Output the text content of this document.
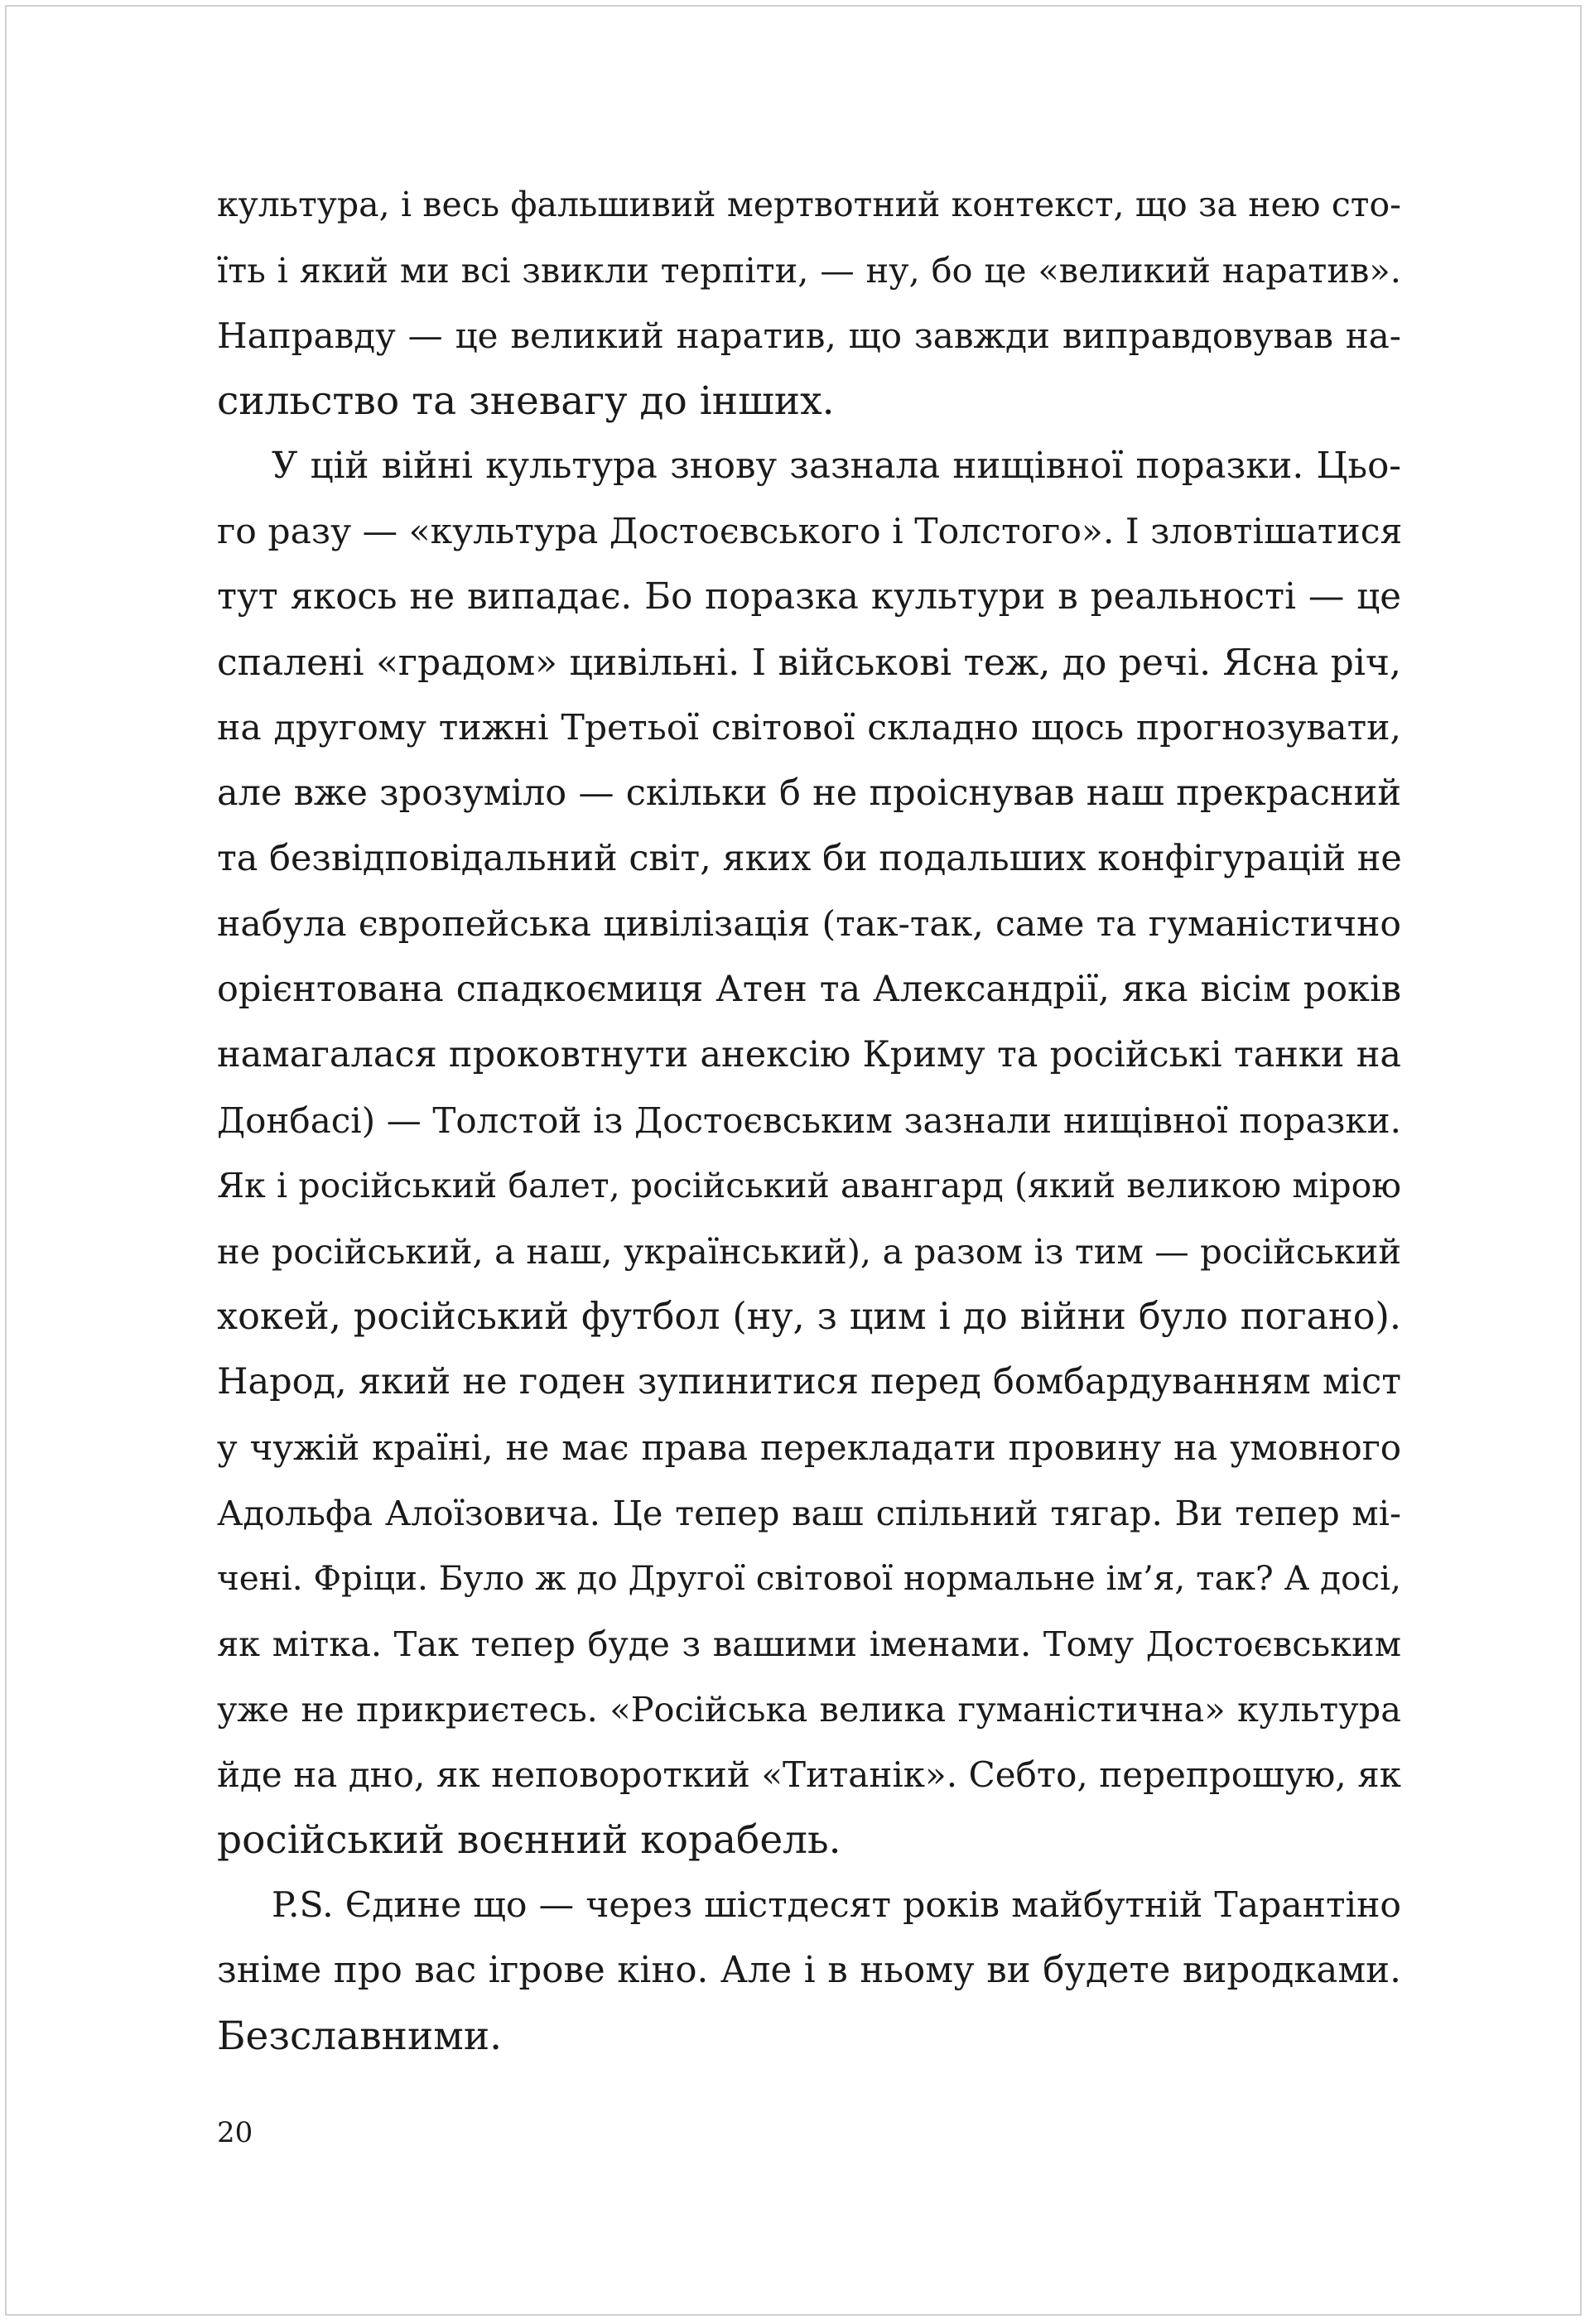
культура, і весь фальшивий мертвотний контекст, що за нею сто-
їть і який ми всі звикли терпіти, — ну, бо це «великий наратив».
Направду — це великий наратив, що завжди виправдовував на-
сильство та зневагу до інших.
У цій війні культура знову зазнала нищівної поразки. Цьо-
го разу — «культура Достоєвського і Толстого». І зловтішатися
тут якось не випадає. Бо поразка культури в реальності — це
спалені «градом» цивільні. І військові теж, до речі. Ясна річ,
на другому тижні Третьої світової складно щось прогнозувати,
але вже зрозуміло — скільки б не проіснував наш прекрасний
та безвідповідальний світ, яких би подальших конфігурацій не
набула європейська цивілізація (так-так, саме та гуманістично
орієнтована спадкоємиця Атен та Александрії, яка вісім років
намагалася проковтнути анексію Криму та російські танки на
Донбасі) — Толстой із Достоєвським зазнали нищівної поразки.
Як і російський балет, російський авангард (який великою мірою
не російський, а наш, український), а разом із тим — російський
хокей, російський футбол (ну, з цим і до війни було погано).
Народ, який не годен зупинитися перед бомбардуванням міст
у чужій країні, не має права перекладати провину на умовного
Адольфа Алоїзовича. Це тепер ваш спільний тягар. Ви тепер мі-
чені. Фріци. Було ж до Другої світової нормальне ім’я, так? А досі,
як мітка. Так тепер буде з вашими іменами. Тому Достоєвським
уже не прикриєтесь. «Російська велика гуманістична» культура
йде на дно, як неповороткий «Титанік». Себто, перепрошую, як
російський воєнний корабель.
P.S. Єдине що — через шістдесят років майбутній Тарантіно
зніме про вас ігрове кіно. Але і в ньому ви будете виродками.
Безславними.
20
